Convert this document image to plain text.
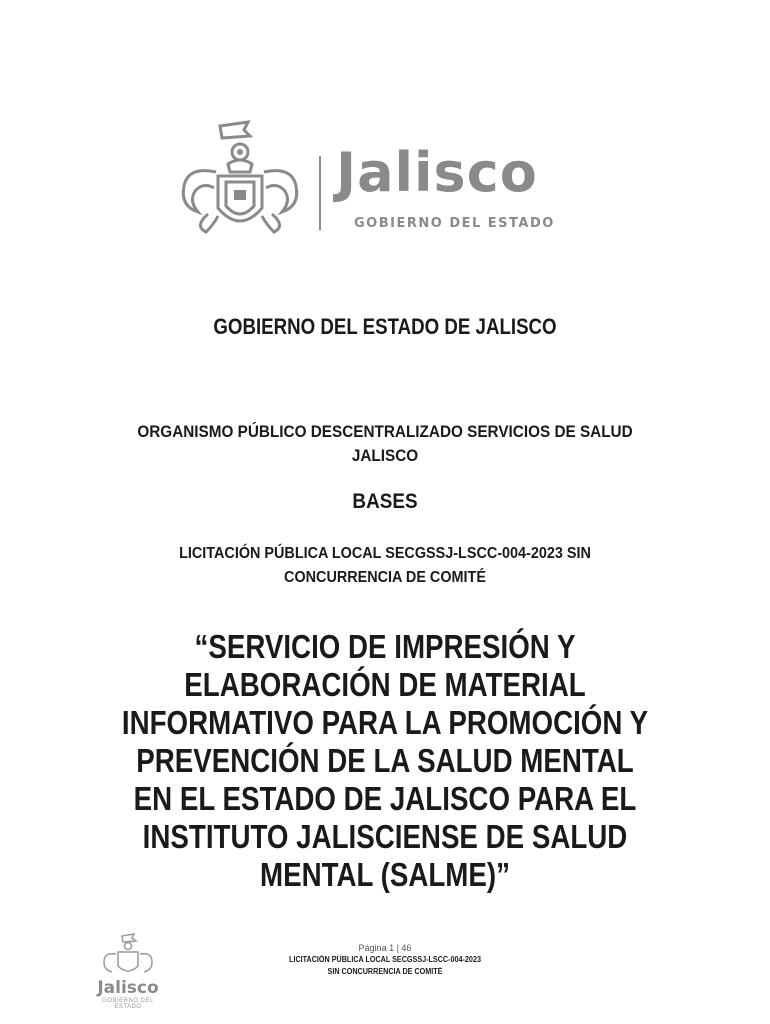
Jalisco
GOBIERNO DEL ESTADO
GOBIERNO DEL ESTADO DE JALISCO
ORGANISMO PÚBLICO DESCENTRALIZADO SERVICIOS DE SALUD JALISCO
BASES
LICITACIÓN PÚBLICA LOCAL SECGSSJ-LSCC-004-2023 SIN CONCURRENCIA DE COMITÉ
“SERVICIO DE IMPRESIÓN Y ELABORACIÓN DE MATERIAL INFORMATIVO PARA LA PROMOCIÓN Y PREVENCIÓN DE LA SALUD MENTAL EN EL ESTADO DE JALISCO PARA EL INSTITUTO JALISCIENSE DE SALUD MENTAL (SALME)”
Jalisco
GOBIERNO DEL ESTADO
Página 1 | 46
LICITACIÓN PÚBLICA LOCAL SECGSSJ-LSCC-004-2023
SIN CONCURRENCIA DE COMITÉ
